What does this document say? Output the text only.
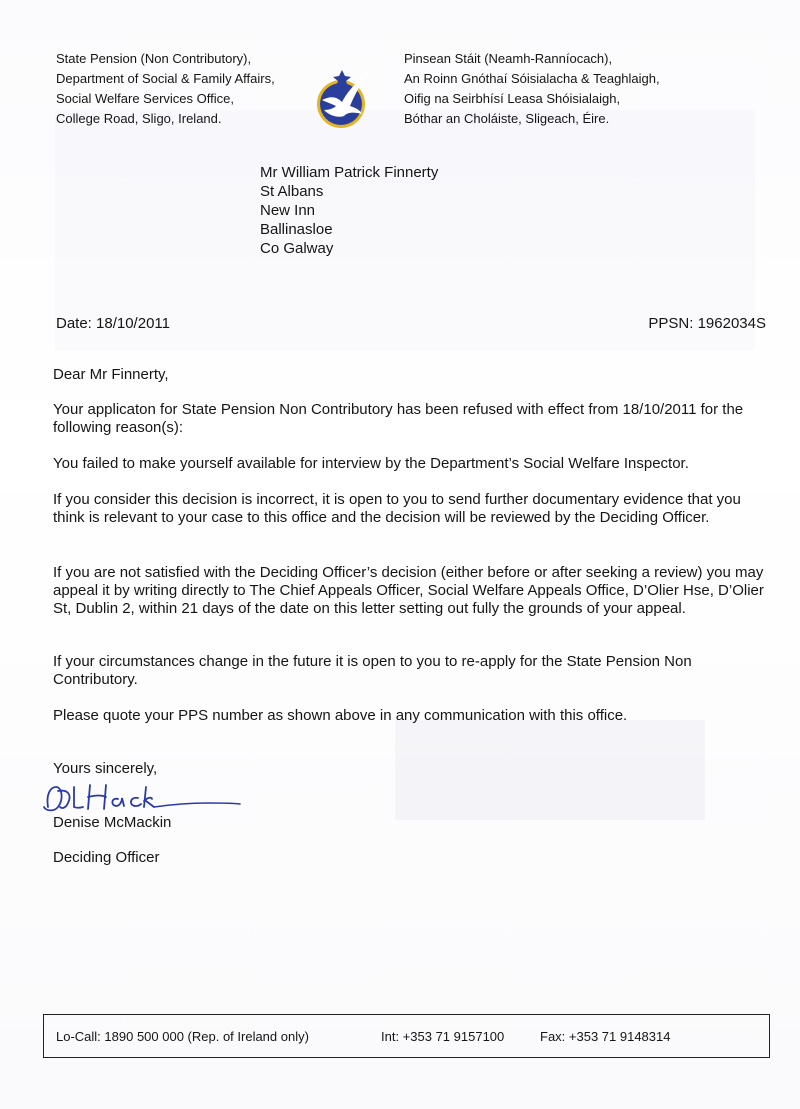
State Pension (Non Contributory),
Department of Social & Family Affairs,
Social Welfare Services Office,
College Road, Sligo, Ireland.
Pinsean Stáit (Neamh-Ranníocach),
An Roinn Gnóthaí Sóisialacha & Teaghlaigh,
Oifig na Seirbhísí Leasa Shóisialaigh,
Bóthar an Choláiste, Sligeach, Éire.
Mr William Patrick Finnerty
St Albans
New Inn
Ballinasloe
Co Galway
Date: 18/10/2011	PPSN: 1962034S

Dear Mr Finnerty,

Your applicaton for State Pension Non Contributory has been refused with effect from 18/10/2011 for the following reason(s):

You failed to make yourself available for interview by the Department’s Social Welfare Inspector.

If you consider this decision is incorrect, it is open to you to send further documentary evidence that you think is relevant to your case to this office and the decision will be reviewed by the Deciding Officer.

If you are not satisfied with the Deciding Officer’s decision (either before or after seeking a review) you may appeal it by writing directly to The Chief Appeals Officer, Social Welfare Appeals Office, D’Olier Hse, D’Olier St, Dublin 2, within 21 days of the date on this letter setting out fully the grounds of your appeal.

If your circumstances change in the future it is open to you to re-apply for the State Pension Non Contributory.

Please quote your PPS number as shown above in any communication with this office.

Yours sincerely,
Denise McMackin
Deciding Officer
Lo-Call: 1890 500 000 (Rep. of Ireland only)	Int: +353 71 9157100	Fax: +353 71 9148314
